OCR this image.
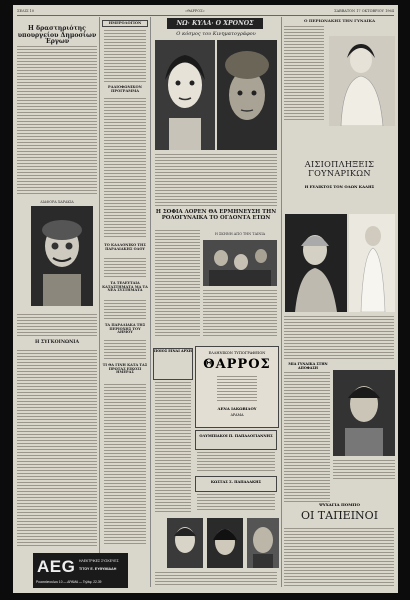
ΣΕΛΙΣ 10	«ΘΑΡΡΟΣ»	ΣΑΒΒΑΤΟΝ 17 ΟΚΤΩΒΡΙΟΥ 1964
Η δραστηριότης υπουργείου Δημοσίων Έργων
ΔΙΑΦΟΡΑ ΧΑΡΑΚΙΑ
Η ΣΥΓΚΟΙΝΩΝΙΑ
AEG ΗΛΕΚΤΡΙΚΕΣ ΣΥΣΚΕΥΕΣ
ΤΙΤΟΥ Ε. ΕΥΘΥΜΙΑΔΗ
Ρουσσόπουλου 10 — ΔΡΑΜΑ — Τηλέφ. 22-39
ΗΜΕΡΟΛΟΓΙΟΝ
ΡΑΔΙΟΦΩΝΙΚΟΝ ΠΡΟΓΡΑΜΜΑ
ΤΟ ΚΑΛΛΟΝΙΚΟ ΤΗΣ ΠΑΡΑΛΙΑΚΗΣ ΟΔΟΥ
ΤΑ ΤΕΛΕΥΤΑΙΑ ΚΑΤΑΣΤΗΜΑΤΑ ΜΑ ΤΑ ΝΕΑ ΣΥΣΤΗΜΑΤΑ
ΤΑ ΠΑΡΑΛΙΑΚΑ ΤΗΣ ΠΕΡΙΟΧΗΣ ΤΟΥ ΔΗΜΟΥ
ΤΙ ΘΑ ΓΙΝΗ ΚΑΤΑ ΤΑΣ ΠΡΩΤΑΣ ΕΙΚΟΣΙ ΗΜΕΡΑΣ
ΝΩ· ΚΥΛΑ· Ο ΧΡΟΝΟΣ
Ο κόσμος του Κινηματογράφου
Η ΣΟΦΙΑ ΛΟΡΕΝ ΘΑ ΕΡΜΗΝΕΥΣΗ ΤΗΝ ΡΟΛΟΓΥΝΑΙΚΑ ΤΟ ΟΓΔΟΝΤΑ ΕΤΩΝ
Η ΣΚΗΝΗ ΑΠΟ ΤΗΝ ΤΑΙΝΙΑ
ΕΛΛΗΝΙΚΟΝ ΤΥΠΟΓΡΑΦΕΙΟΝ
ΘΑΡΡΟΣ
ΛΕΝΑ ΙΑΚΩΒΙΔΟΥ
ΔΡΑΜΑ
ΠΟΙΟΣ ΕΙΝΑΙ ΑΡΧΗ
ΟΛΥΜΠΙΑΚΟΙ Π. ΠΑΠΑΔΟΓΙΑΝΝΗΣ
ΚΩΣΤΑΣ Σ. ΠΑΠΑΔΑΚΗΣ
Ο ΠΕΡΙΩΝΑΚΗΣ ΤΗΝ ΓΥΝΑΙΚΑ
ΑΙΣΙΟΠΛΗΞΕΙΣ ΓΟΥΝΑΡΙΚΩΝ
Η ΕΥΛΙΚΤΟΣ ΤΟΝ ΟΛΩΝ ΚΑΛΗΣ
ΜΙΑ ΓΥΝΑΙΚΑ ΣΤΗΝ ΑΠΟΦΑΣΗ
ΨΥΧΑΓΙΑ ΠΟΜΠΟ
ΟΙ ΤΑΠΕΙΝΟΙ
